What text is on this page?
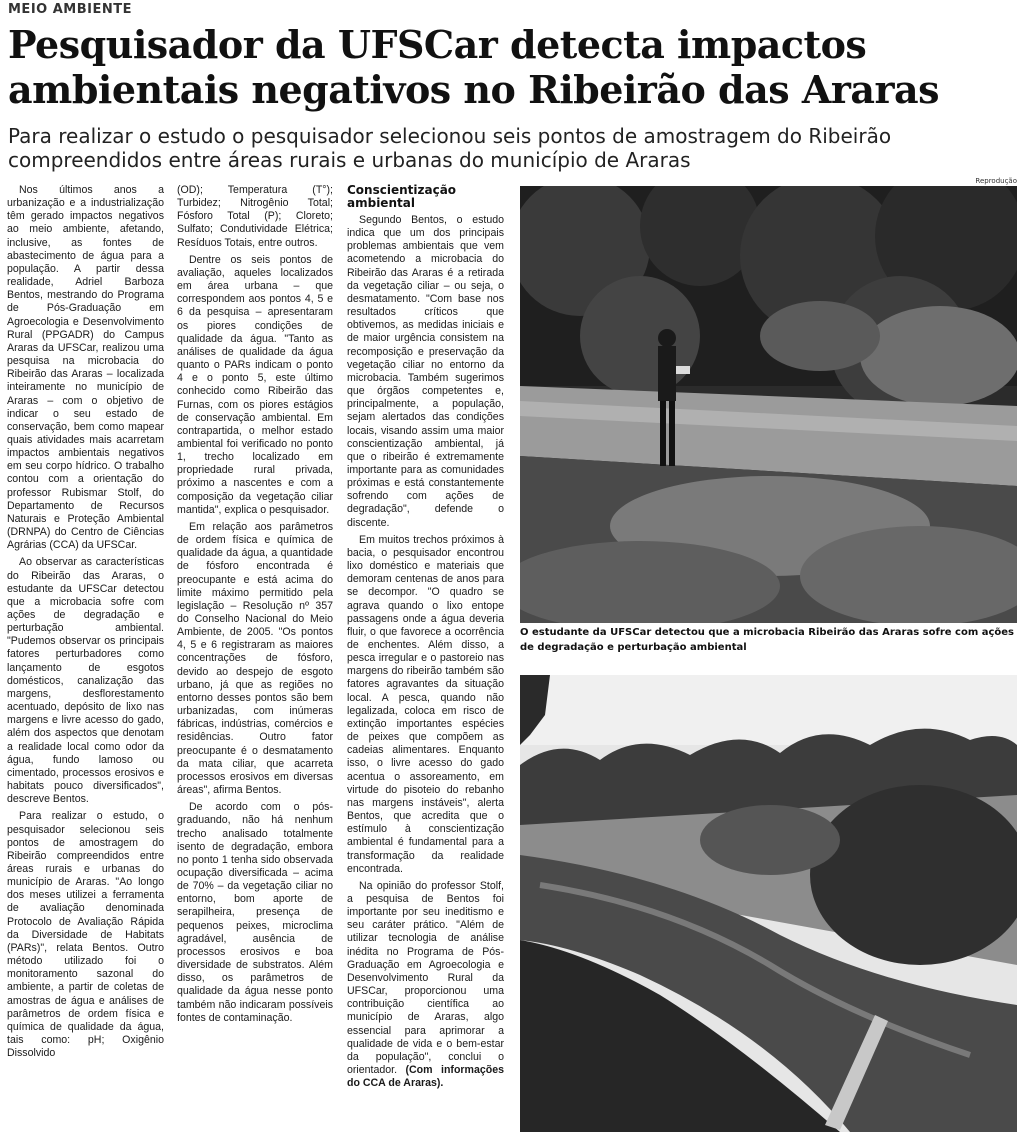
MEIO AMBIENTE
Pesquisador da UFSCar detecta impactos
ambientais negativos no Ribeirão das Araras
Para realizar o estudo o pesquisador selecionou seis pontos de amostragem do Ribeirão
compreendidos entre áreas rurais e urbanas do município de Araras

Nos últimos anos a urbanização e a industrialização têm gerado impactos negativos ao meio ambiente, afetando, inclusive, as fontes de abastecimento de água para a população. A partir dessa realidade, Adriel Barboza Bentos, mestrando do Programa de Pós-Graduação em Agroecologia e Desenvolvimento Rural (PPGADR) do Campus Araras da UFSCar, realizou uma pesquisa na microbacia do Ribeirão das Araras – localizada inteiramente no município de Araras – com o objetivo de indicar o seu estado de conservação, bem como mapear quais atividades mais acarretam impactos ambientais negativos em seu corpo hídrico. O trabalho contou com a orientação do professor Rubismar Stolf, do Departamento de Recursos Naturais e Proteção Ambiental (DRNPA) do Centro de Ciências Agrárias (CCA) da UFSCar.

Ao observar as características do Ribeirão das Araras, o estudante da UFSCar detectou que a microbacia sofre com ações de degradação e perturbação ambiental. "Pudemos observar os principais fatores perturbadores como lançamento de esgotos domésticos, canalização das margens, desflorestamento acentuado, depósito de lixo nas margens e livre acesso do gado, além dos aspectos que denotam a realidade local como odor da água, fundo lamoso ou cimentado, processos erosivos e habitats pouco diversificados", descreve Bentos.

Para realizar o estudo, o pesquisador selecionou seis pontos de amostragem do Ribeirão compreendidos entre áreas rurais e urbanas do município de Araras. "Ao longo dos meses utilizei a ferramenta de avaliação denominada Protocolo de Avaliação Rápida da Diversidade de Habitats (PARs)", relata Bentos. Outro método utilizado foi o monitoramento sazonal do ambiente, a partir de coletas de amostras de água e análises de parâmetros de ordem física e química de qualidade da água, tais como: pH; Oxigênio Dissolvido

(OD); Temperatura (T°); Turbidez; Nitrogênio Total; Fósforo Total (P); Cloreto; Sulfato; Condutividade Elétrica; Resíduos Totais, entre outros.

Dentre os seis pontos de avaliação, aqueles localizados em área urbana – que correspondem aos pontos 4, 5 e 6 da pesquisa – apresentaram os piores condições de qualidade da água. "Tanto as análises de qualidade da água quanto o PARs indicam o ponto 4 e o ponto 5, este último conhecido como Ribeirão das Furnas, com os piores estágios de conservação ambiental. Em contrapartida, o melhor estado ambiental foi verificado no ponto 1, trecho localizado em propriedade rural privada, próximo a nascentes e com a composição da vegetação ciliar mantida", explica o pesquisador.

Em relação aos parâmetros de ordem física e química de qualidade da água, a quantidade de fósforo encontrada é preocupante e está acima do limite máximo permitido pela legislação – Resolução nº 357 do Conselho Nacional do Meio Ambiente, de 2005. "Os pontos 4, 5 e 6 registraram as maiores concentrações de fósforo, devido ao despejo de esgoto urbano, já que as regiões no entorno desses pontos são bem urbanizadas, com inúmeras fábricas, indústrias, comércios e residências. Outro fator preocupante é o desmatamento da mata ciliar, que acarreta processos erosivos em diversas áreas", afirma Bentos.

De acordo com o pós-graduando, não há nenhum trecho analisado totalmente isento de degradação, embora no ponto 1 tenha sido observada ocupação diversificada – acima de 70% – da vegetação ciliar no entorno, bom aporte de serapilheira, presença de pequenos peixes, microclima agradável, ausência de processos erosivos e boa diversidade de substratos. Além disso, os parâmetros de qualidade da água nesse ponto também não indicaram possíveis fontes de contaminação.

Conscientização ambiental

Segundo Bentos, o estudo indica que um dos principais problemas ambientais que vem acometendo a microbacia do Ribeirão das Araras é a retirada da vegetação ciliar – ou seja, o desmatamento. "Com base nos resultados críticos que obtivemos, as medidas iniciais e de maior urgência consistem na recomposição e preservação da vegetação ciliar no entorno da microbacia. Também sugerimos que órgãos competentes e, principalmente, a população, sejam alertados das condições locais, visando assim uma maior conscientização ambiental, já que o ribeirão é extremamente importante para as comunidades próximas e está constantemente sofrendo com ações de degradação", defende o discente.

Em muitos trechos próximos à bacia, o pesquisador encontrou lixo doméstico e materiais que demoram centenas de anos para se decompor. "O quadro se agrava quando o lixo entope passagens onde a água deveria fluir, o que favorece a ocorrência de enchentes. Além disso, a pesca irregular e o pastoreio nas margens do ribeirão também são fatores agravantes da situação local. A pesca, quando não legalizada, coloca em risco de extinção importantes espécies de peixes que compõem as cadeias alimentares. Enquanto isso, o livre acesso do gado acentua o assoreamento, em virtude do pisoteio do rebanho nas margens instáveis", alerta Bentos, que acredita que o estímulo à conscientização ambiental é fundamental para a transformação da realidade encontrada.

Na opinião do professor Stolf, a pesquisa de Bentos foi importante por seu ineditismo e seu caráter prático. "Além de utilizar tecnologia de análise inédita no Programa de Pós-Graduação em Agroecologia e Desenvolvimento Rural da UFSCar, proporcionou uma contribuição científica ao município de Araras, algo essencial para aprimorar a qualidade de vida e o bem-estar da população", conclui o orientador. (Com informações do CCA de Araras).

Reprodução
O estudante da UFSCar detectou que a microbacia Ribeirão das Araras sofre com ações
de degradação e perturbação ambiental
